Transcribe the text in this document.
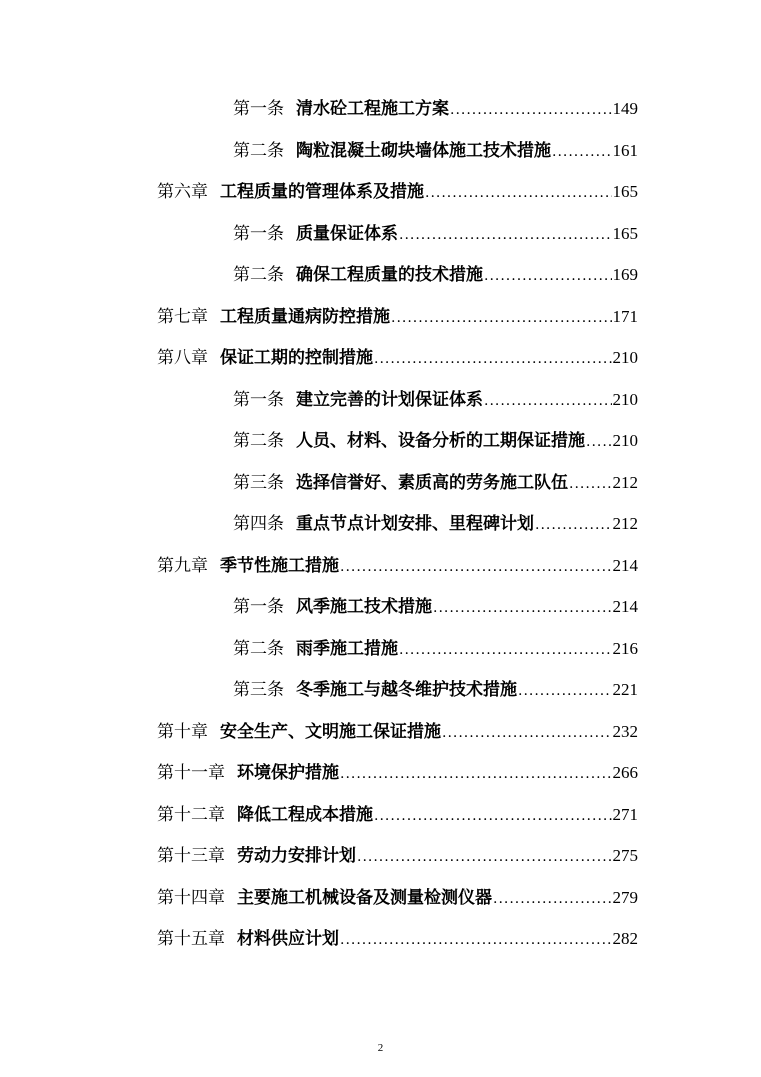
第一条 清水砼工程施工方案 .....	149
第二条 陶粒混凝土砌块墙体施工技术措施 .....	161
第六章 工程质量的管理体系及措施 .....	165
第一条 质量保证体系 .....	165
第二条 确保工程质量的技术措施 .....	169
第七章 工程质量通病防控措施 .....	171
第八章 保证工期的控制措施 .....	210
第一条 建立完善的计划保证体系 .....	210
第二条 人员、材料、设备分析的工期保证措施 ..... 210
第三条 选择信誉好、素质高的劳务施工队伍 .....	212
第四条 重点节点计划安排、里程碑计划 .....	212
第九章 季节性施工措施 .....	214
第一条 风季施工技术措施 .....	214
第二条 雨季施工措施 .....	216
第三条 冬季施工与越冬维护技术措施 .....	221
第十章 安全生产、文明施工保证措施 .....	232
第十一章 环境保护措施 .....	266
第十二章 降低工程成本措施 .....	271
第十三章 劳动力安排计划 .....	275
第十四章 主要施工机械设备及测量检测仪器 .....	279
第十五章 材料供应计划 .....	282
2
